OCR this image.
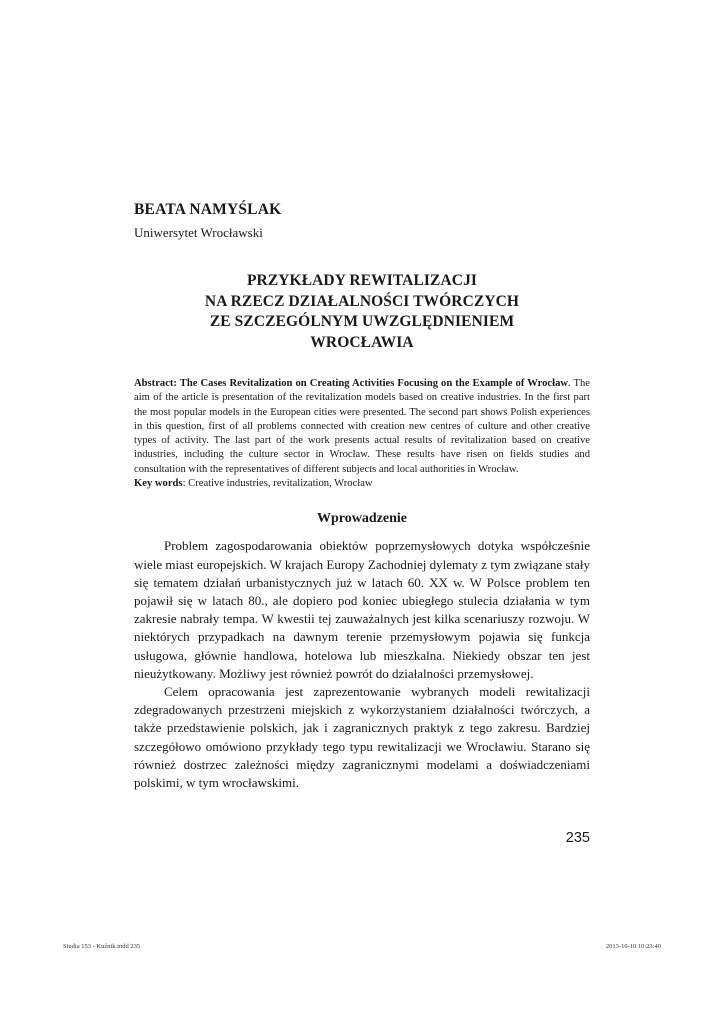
BEATA NAMYŚLAK
Uniwersytet Wrocławski
PRZYKŁADY REWITALIZACJI
NA RZECZ DZIAŁALNOŚCI TWÓRCZYCH
ZE SZCZEGÓLNYM UWZGLĘDNIENIEM
WROCŁAWIA
Abstract: The Cases Revitalization on Creating Activities Focusing on the Example of Wrocław. The aim of the article is presentation of the revitalization models based on creative industries. In the first part the most popular models in the European cities were presented. The second part shows Polish experiences in this question, first of all problems connected with creation new centres of culture and other creative types of activity. The last part of the work presents actual results of revitalization based on creative industries, including the culture sector in Wrocław. These results have risen on fields studies and consultation with the representatives of different subjects and local authorities in Wrocław.
Key words: Creative industries, revitalization, Wrocław
Wprowadzenie

Problem zagospodarowania obiektów poprzemysłowych dotyka współcześnie wiele miast europejskich. W krajach Europy Zachodniej dylematy z tym związane stały się tematem działań urbanistycznych już w latach 60. XX w. W Polsce problem ten pojawił się w latach 80., ale dopiero pod koniec ubiegłego stulecia działania w tym zakresie nabrały tempa. W kwestii tej zauważalnych jest kilka scenariuszy rozwoju. W niektórych przypadkach na dawnym terenie przemysłowym pojawia się funkcja usługowa, głównie handlowa, hotelowa lub mieszkalna. Niekiedy obszar ten jest nieużytkowany. Możliwy jest również powrót do działalności przemysłowej.

Celem opracowania jest zaprezentowanie wybranych modeli rewitalizacji zdegradowanych przestrzeni miejskich z wykorzystaniem działalności twórczych, a także przedstawienie polskich, jak i zagranicznych praktyk z tego zakresu. Bardziej szczegółowo omówiono przykłady tego typu rewitalizacji we Wrocławiu. Starano się również dostrzec zależności między zagranicznymi modelami a doświadczeniami polskimi, w tym wrocławskimi.

235
Studia 153 - Kuźnik.indd 235	2013-10-10 10:23:40
